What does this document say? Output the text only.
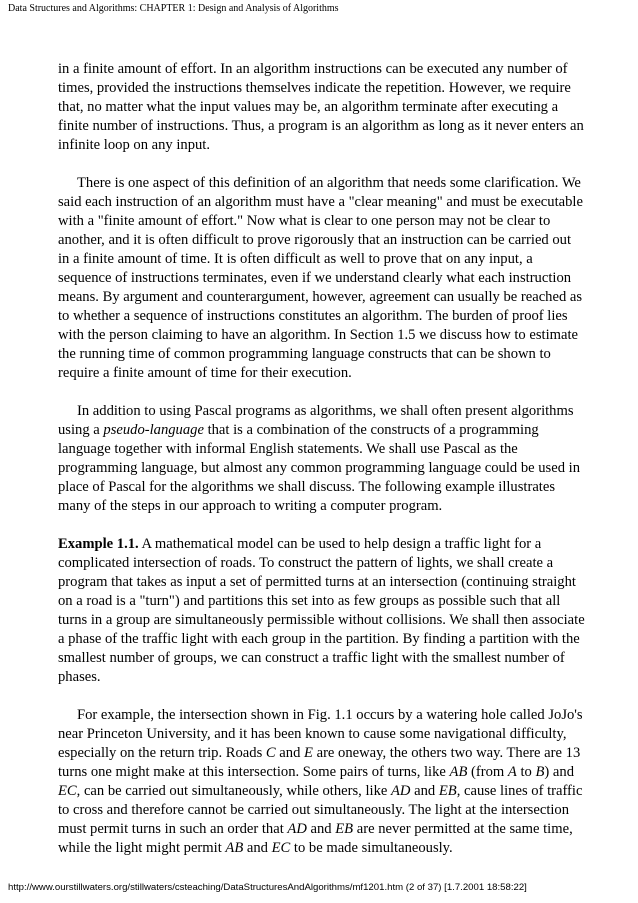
Data Structures and Algorithms: CHAPTER 1: Design and Analysis of Algorithms

in a finite amount of effort. In an algorithm instructions can be executed any number of times, provided the instructions themselves indicate the repetition. However, we require that, no matter what the input values may be, an algorithm terminate after executing a finite number of instructions. Thus, a program is an algorithm as long as it never enters an infinite loop on any input.

There is one aspect of this definition of an algorithm that needs some clarification. We said each instruction of an algorithm must have a "clear meaning" and must be executable with a "finite amount of effort." Now what is clear to one person may not be clear to another, and it is often difficult to prove rigorously that an instruction can be carried out in a finite amount of time. It is often difficult as well to prove that on any input, a sequence of instructions terminates, even if we understand clearly what each instruction means. By argument and counterargument, however, agreement can usually be reached as to whether a sequence of instructions constitutes an algorithm. The burden of proof lies with the person claiming to have an algorithm. In Section 1.5 we discuss how to estimate the running time of common programming language constructs that can be shown to require a finite amount of time for their execution.

In addition to using Pascal programs as algorithms, we shall often present algorithms using a pseudo-language that is a combination of the constructs of a programming language together with informal English statements. We shall use Pascal as the programming language, but almost any common programming language could be used in place of Pascal for the algorithms we shall discuss. The following example illustrates many of the steps in our approach to writing a computer program.

Example 1.1. A mathematical model can be used to help design a traffic light for a complicated intersection of roads. To construct the pattern of lights, we shall create a program that takes as input a set of permitted turns at an intersection (continuing straight on a road is a "turn") and partitions this set into as few groups as possible such that all turns in a group are simultaneously permissible without collisions. We shall then associate a phase of the traffic light with each group in the partition. By finding a partition with the smallest number of groups, we can construct a traffic light with the smallest number of phases.

For example, the intersection shown in Fig. 1.1 occurs by a watering hole called JoJo's near Princeton University, and it has been known to cause some navigational difficulty, especially on the return trip. Roads C and E are oneway, the others two way. There are 13 turns one might make at this intersection. Some pairs of turns, like AB (from A to B) and EC, can be carried out simultaneously, while others, like AD and EB, cause lines of traffic to cross and therefore cannot be carried out simultaneously. The light at the intersection must permit turns in such an order that AD and EB are never permitted at the same time, while the light might permit AB and EC to be made simultaneously.

http://www.ourstillwaters.org/stillwaters/csteaching/DataStructuresAndAlgorithms/mf1201.htm (2 of 37) [1.7.2001 18:58:22]
